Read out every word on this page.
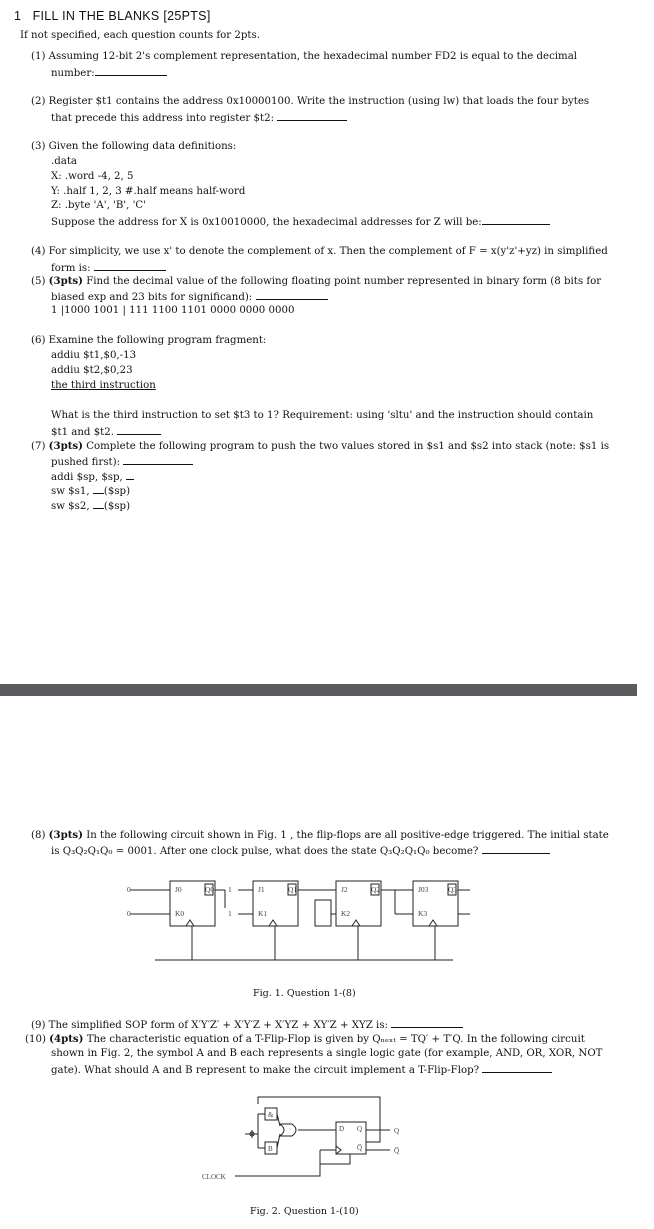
1 FILL IN THE BLANKS [25PTS]
If not specified, each question counts for 2pts.
(1) Assuming 12-bit 2's complement representation, the hexadecimal number FD2 is equal to the decimal
number:
(2) Register $t1 contains the address 0x10000100. Write the instruction (using lw) that loads the four bytes
that precede this address into register $t2:
(3) Given the following data definitions:
.data
X: .word -4, 2, 5
Y: .half 1, 2, 3 #.half means half-word
Z: .byte 'A', 'B', 'C'
Suppose the address for X is 0x10010000, the hexadecimal addresses for Z will be:
(4) For simplicity, we use x' to denote the complement of x. Then the complement of F = x(y'z'+yz) in simplified
form is:
(5) (3pts) Find the decimal value of the following floating point number represented in binary form (8 bits for
biased exp and 23 bits for significand):
1 |1000 1001 | 111 1100 1101 0000 0000 0000
(6) Examine the following program fragment:
addiu $t1,$0,-13
addiu $t2,$0,23
the third instruction
What is the third instruction to set $t3 to 1? Requirement: using 'sltu' and the instruction should contain
$t1 and $t2.
(7) (3pts) Complete the following program to push the two values stored in $s1 and $s2 into stack (note: $s1 is
pushed first):
addi $sp, $sp,
sw $s1, ($sp)
sw $s2, ($sp)
(8) (3pts) In the following circuit shown in Fig. 1 , the flip-flops are all positive-edge triggered. The initial state
is Q₃Q₂Q₁Q₀ = 0001. After one clock pulse, what does the state Q₃Q₂Q₁Q₀ become?
0
0
1
1
J0	Q0
K0
J1	Q1
K1
J2	Q2
K2
J03	Q3
K3
Fig. 1. Question 1-(8)
(9) The simplified SOP form of X′Y′Z′ + X′Y′Z + X′YZ + XY′Z + XYZ is:
(10) (4pts) The characteristic equation of a T-Flip-Flop is given by Qₙₑₓₜ = TQ′ + T′Q. In the following circuit
shown in Fig. 2, the symbol A and B each represents a single logic gate (for example, AND, OR, XOR, NOT
gate). What should A and B represent to make the circuit implement a T-Flip-Flop?
&
B
D Q
Q̅
CLOCK
Q
Q̅
Fig. 2. Question 1-(10)
